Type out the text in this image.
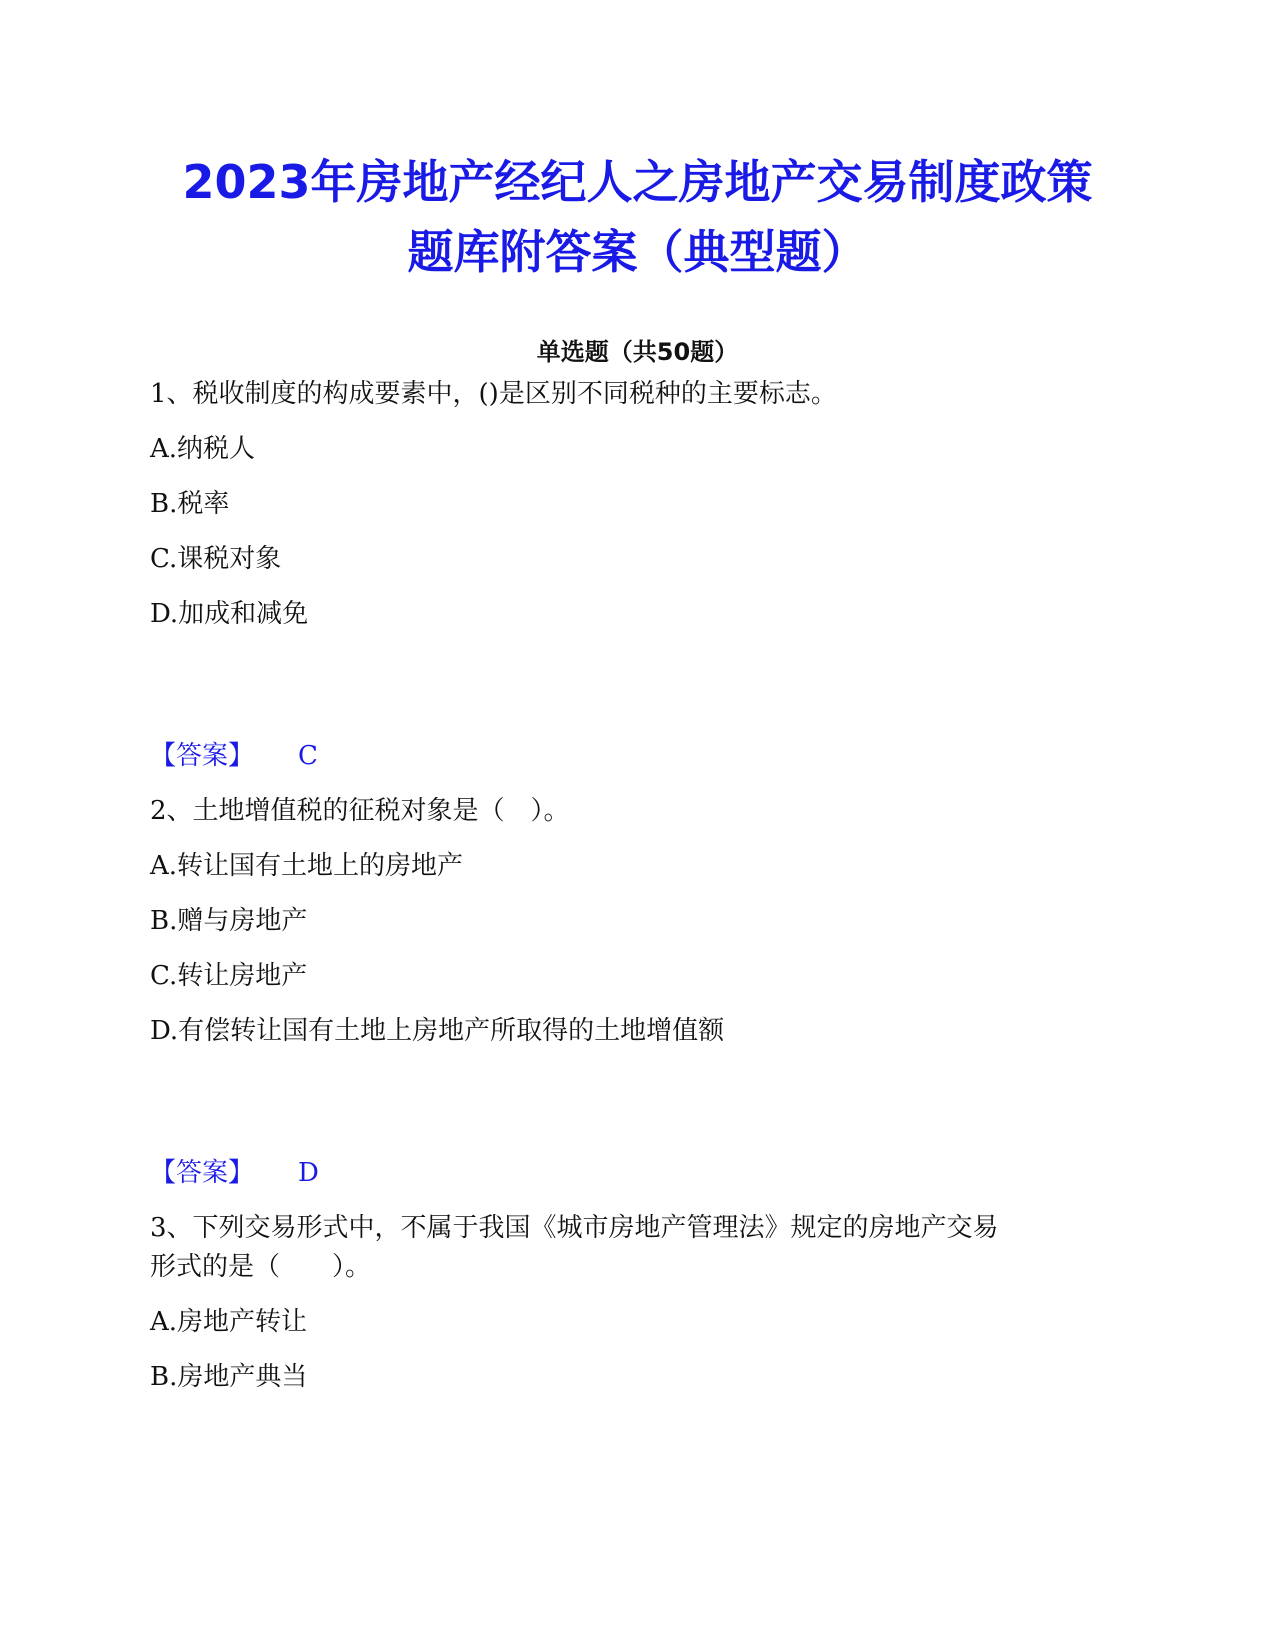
2023年房地产经纪人之房地产交易制度政策
题库附答案（典型题）
单选题（共50题）
1、税收制度的构成要素中，()是区别不同税种的主要标志。
A.纳税人
B.税率
C.课税对象
D.加成和减免
【答案】 C
2、土地增值税的征税对象是（　）。
A.转让国有土地上的房地产
B.赠与房地产
C.转让房地产
D.有偿转让国有土地上房地产所取得的土地增值额
【答案】 D
3、下列交易形式中，不属于我国《城市房地产管理法》规定的房地产交易
形式的是（　　）。
A.房地产转让
B.房地产典当
